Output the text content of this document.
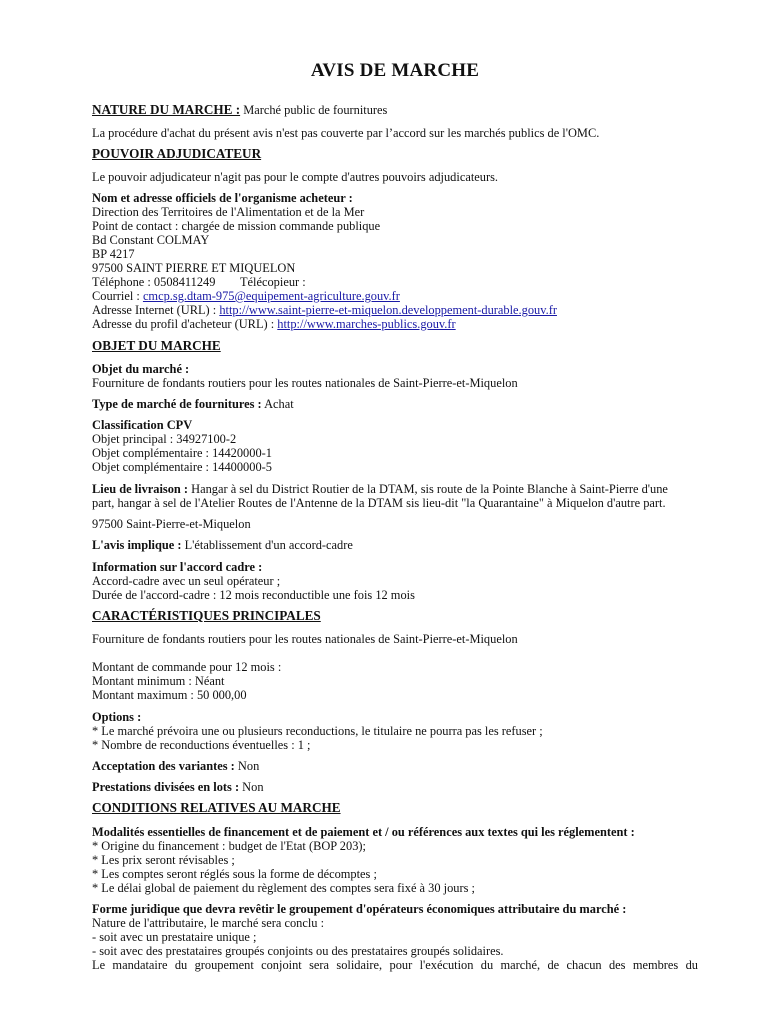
AVIS DE MARCHE
NATURE DU MARCHE : Marché public de fournitures
La procédure d'achat du présent avis n'est pas couverte par l’accord sur les marchés publics de l'OMC.
POUVOIR ADJUDICATEUR
Le pouvoir adjudicateur n'agit pas pour le compte d'autres pouvoirs adjudicateurs.
Nom et adresse officiels de l'organisme acheteur :
Direction des Territoires de l'Alimentation et de la Mer
Point de contact : chargée de mission commande publique
Bd Constant COLMAY
BP 4217
97500 SAINT PIERRE ET MIQUELON
Téléphone : 0508411249        Télécopieur :
Courriel : cmcp.sg.dtam-975@equipement-agriculture.gouv.fr
Adresse Internet (URL) : http://www.saint-pierre-et-miquelon.developpement-durable.gouv.fr
Adresse du profil d'acheteur (URL) : http://www.marches-publics.gouv.fr
OBJET DU MARCHE
Objet du marché :
Fourniture de fondants routiers pour les routes nationales de Saint-Pierre-et-Miquelon
Type de marché de fournitures : Achat
Classification CPV
Objet principal : 34927100-2
Objet complémentaire : 14420000-1
Objet complémentaire : 14400000-5
Lieu de livraison : Hangar à sel du District Routier de la DTAM, sis route de la Pointe Blanche à Saint-Pierre d'une
part, hangar à sel de l'Atelier Routes de l'Antenne de la DTAM sis lieu-dit "la Quarantaine" à Miquelon d'autre part.
97500 Saint-Pierre-et-Miquelon
L'avis implique : L'établissement d'un accord-cadre
Information sur l'accord cadre :
Accord-cadre avec un seul opérateur ;
Durée de l'accord-cadre : 12 mois reconductible une fois 12 mois
CARACTÉRISTIQUES PRINCIPALES
Fourniture de fondants routiers pour les routes nationales de Saint-Pierre-et-Miquelon
Montant de commande pour 12 mois :
Montant minimum : Néant
Montant maximum : 50 000,00
Options :
* Le marché prévoira une ou plusieurs reconductions, le titulaire ne pourra pas les refuser ;
* Nombre de reconductions éventuelles : 1 ;
Acceptation des variantes : Non
Prestations divisées en lots : Non
CONDITIONS RELATIVES AU MARCHE
Modalités essentielles de financement et de paiement et / ou références aux textes qui les réglementent :
* Origine du financement : budget de l'Etat (BOP 203);
* Les prix seront révisables ;
* Les comptes seront réglés sous la forme de décomptes ;
* Le délai global de paiement du règlement des comptes sera fixé à 30 jours ;
Forme juridique que devra revêtir le groupement d'opérateurs économiques attributaire du marché :
Nature de l'attributaire, le marché sera conclu :
- soit avec un prestataire unique ;
- soit avec des prestataires groupés conjoints ou des prestataires groupés solidaires.
Le mandataire du groupement conjoint sera solidaire, pour l'exécution du marché, de chacun des membres du
